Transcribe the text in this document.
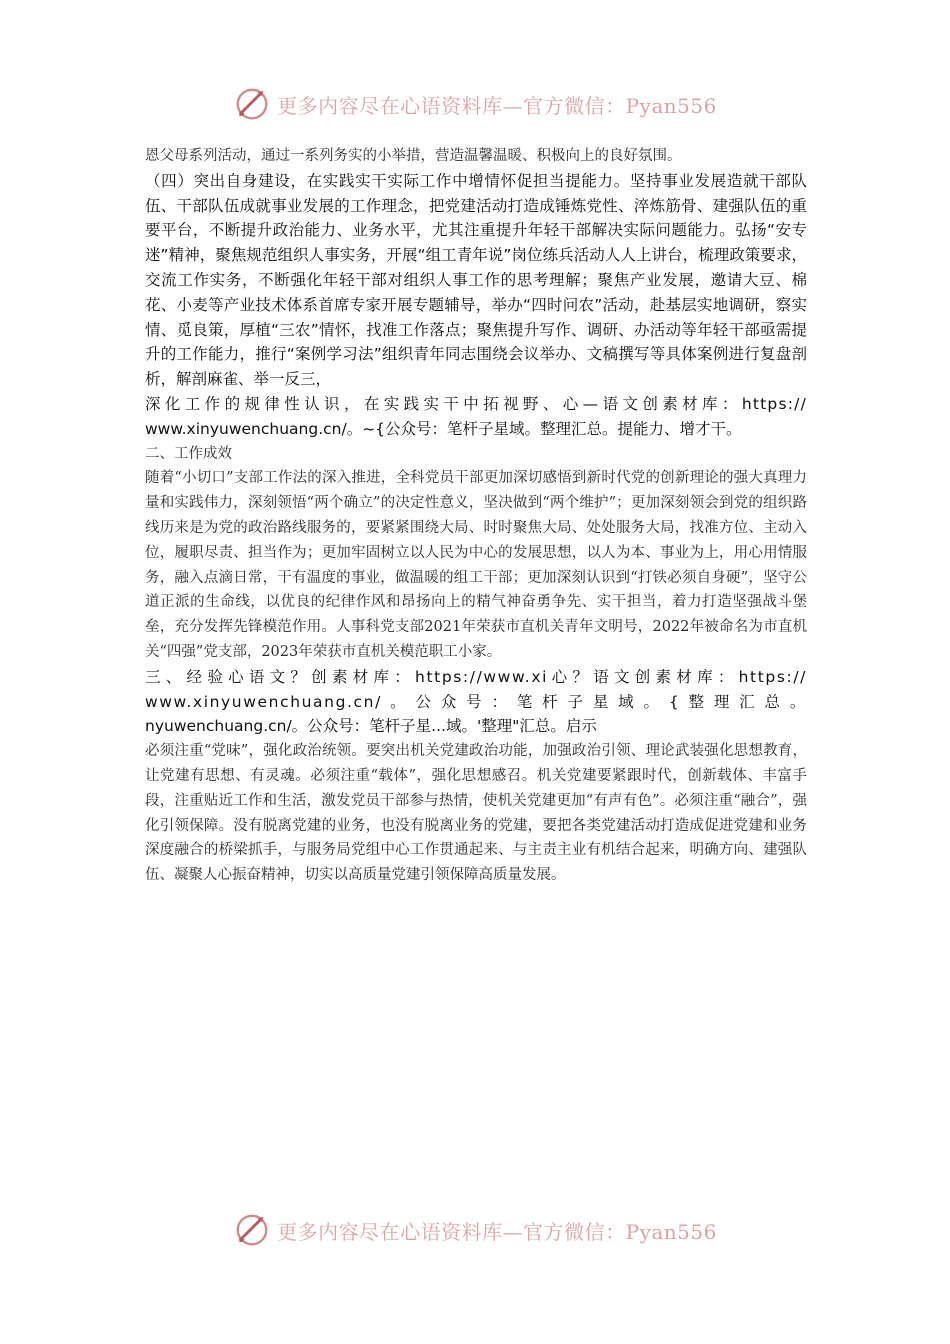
更多内容尽在心语资料库—官方微信：Pyan556

恩父母系列活动，通过一系列务实的小举措，营造温馨温暖、积极向上的良好氛围。

（四）突出自身建设，在实践实干实际工作中增情怀促担当提能力。坚持事业发展造就干部队伍、干部队伍成就事业发展的工作理念，把党建活动打造成锤炼党性、淬炼筋骨、建强队伍的重要平台，不断提升政治能力、业务水平，尤其注重提升年轻干部解决实际问题能力。弘扬“安专迷”精神，聚焦规范组织人事实务，开展“组工青年说”岗位练兵活动人人上讲台，梳理政策要求，交流工作实务，不断强化年轻干部对组织人事工作的思考理解；聚焦产业发展，邀请大豆、棉花、小麦等产业技术体系首席专家开展专题辅导，举办“四时问农”活动，赴基层实地调研，察实情、觅良策，厚植“三农”情怀，找准工作落点；聚焦提升写作、调研、办活动等年轻干部亟需提升的工作能力，推行“案例学习法”组织青年同志围绕会议举办、文稿撰写等具体案例进行复盘剖析，解剖麻雀、举一反三，

深化工作的规律性认识，在实践实干中拓视野、心—语文创素材库：https://

www.xinyuwenchuang.cn/。~{公众号：笔杆子星域。整理汇总。提能力、增才干。

二、工作成效

随着“小切口”支部工作法的深入推进，全科党员干部更加深切感悟到新时代党的创新理论的强大真理力量和实践伟力，深刻领悟“两个确立”的决定性意义，坚决做到“两个维护”；更加深刻领会到党的组织路线历来是为党的政治路线服务的，要紧紧围绕大局、时时聚焦大局、处处服务大局，找准方位、主动入位，履职尽责、担当作为；更加牢固树立以人民为中心的发展思想，以人为本、事业为上，用心用情服务，融入点滴日常，干有温度的事业，做温暖的组工干部；更加深刻认识到“打铁必须自身硬”，坚守公道正派的生命线，以优良的纪律作风和昂扬向上的精气神奋勇争先、实干担当，着力打造坚强战斗堡垒，充分发挥先锋模范作用。人事科党支部2021年荣获市直机关青年文明号，2022年被命名为市直机关“四强”党支部，2023年荣获市直机关模范职工小家。

三、经验心语文？创素材库：https://www.xi心？语文创素材库：https://

www.xinyuwenchuang.cn/。公众号：笔杆子星域。{整理汇总。

nyuwenchuang.cn/。公众号：笔杆子星...域。'整理"汇总。启示

必须注重“党味”，强化政治统领。要突出机关党建政治功能，加强政治引领、理论武装强化思想教育，让党建有思想、有灵魂。必须注重“载体”，强化思想感召。机关党建要紧跟时代，创新载体、丰富手段，注重贴近工作和生活，激发党员干部参与热情，使机关党建更加“有声有色”。必须注重“融合”，强化引领保障。没有脱离党建的业务，也没有脱离业务的党建，要把各类党建活动打造成促进党建和业务深度融合的桥梁抓手，与服务局党组中心工作贯通起来、与主责主业有机结合起来，明确方向、建强队伍、凝聚人心振奋精神，切实以高质量党建引领保障高质量发展。

更多内容尽在心语资料库—官方微信：Pyan556
